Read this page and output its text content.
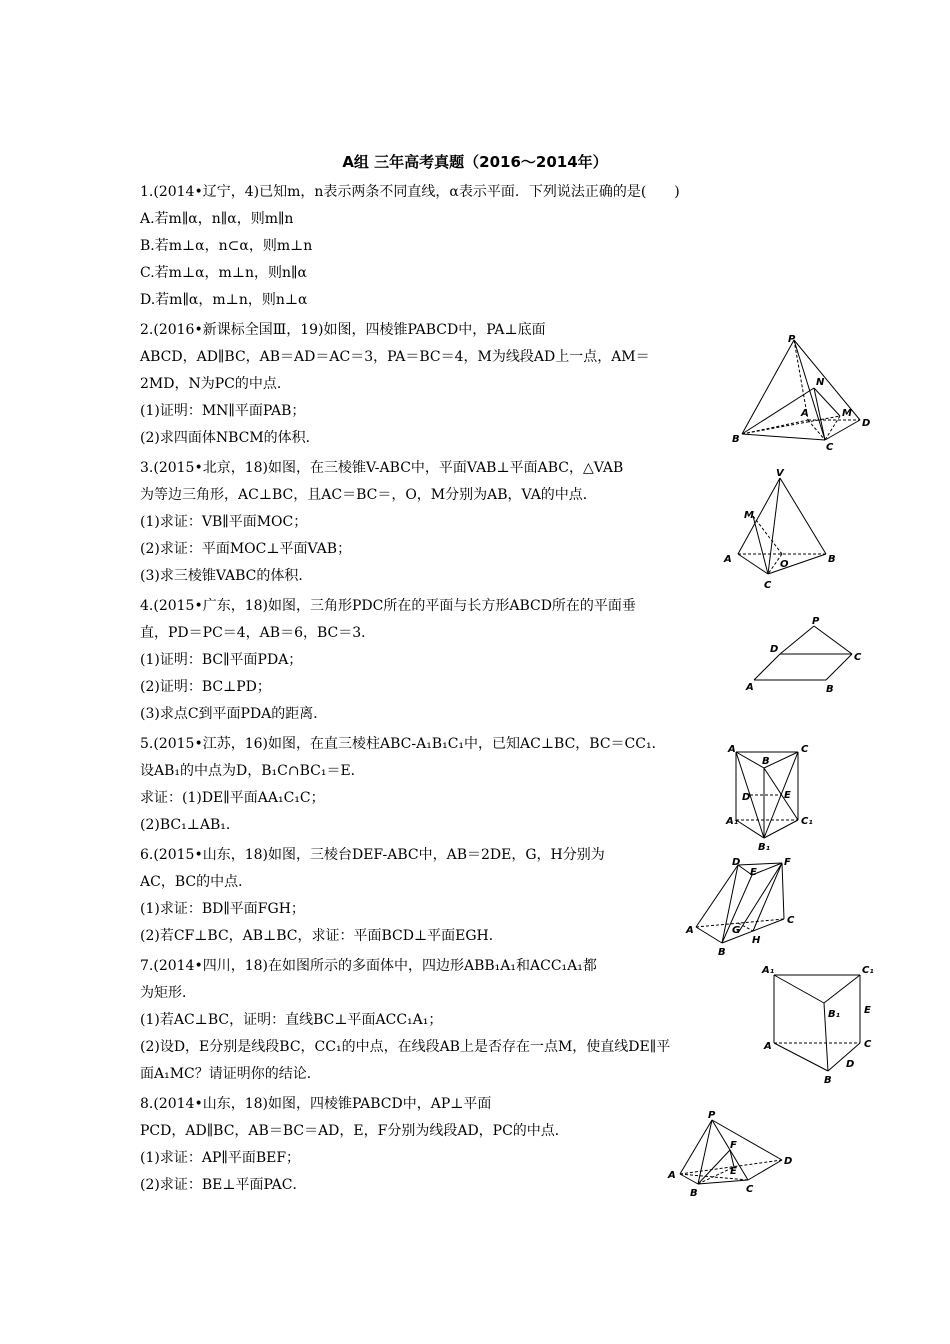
A组 三年高考真题（2016～2014年）
1.(2014•辽宁，4)已知m，n表示两条不同直线，α表示平面．下列说法正确的是(　　)
A.若m∥α，n∥α，则m∥n
B.若m⊥α，n⊂α，则m⊥n
C.若m⊥α，m⊥n，则n∥α
D.若m∥α，m⊥n，则n⊥α
2.(2016•新课标全国Ⅲ，19)如图，四棱锥PABCD中，PA⊥底面
ABCD，AD∥BC，AB＝AD＝AC＝3，PA＝BC＝4，M为线段AD上一点，AM＝
2MD，N为PC的中点．
(1)证明：MN∥平面PAB；
(2)求四面体NBCM的体积．
3.(2015•北京，18)如图，在三棱锥V-ABC中，平面VAB⊥平面ABC，△VAB
为等边三角形，AC⊥BC，且AC＝BC＝，O，M分别为AB，VA的中点．
(1)求证：VB∥平面MOC；
(2)求证：平面MOC⊥平面VAB；
(3)求三棱锥VABC的体积．
4.(2015•广东，18)如图，三角形PDC所在的平面与长方形ABCD所在的平面垂
直，PD＝PC＝4，AB＝6，BC＝3．
(1)证明：BC∥平面PDA；
(2)证明：BC⊥PD；
(3)求点C到平面PDA的距离．
5.(2015•江苏，16)如图，在直三棱柱ABC-A₁B₁C₁中，已知AC⊥BC，BC＝CC₁．
设AB₁的中点为D，B₁C∩BC₁＝E．
求证：(1)DE∥平面AA₁C₁C；
(2)BC₁⊥AB₁．
6.(2015•山东，18)如图，三棱台DEF-ABC中，AB＝2DE，G，H分别为
AC，BC的中点．
(1)求证：BD∥平面FGH；
(2)若CF⊥BC，AB⊥BC，求证：平面BCD⊥平面EGH．
7.(2014•四川，18)在如图所示的多面体中，四边形ABB₁A₁和ACC₁A₁都
为矩形．
(1)若AC⊥BC，证明：直线BC⊥平面ACC₁A₁；
(2)设D，E分别是线段BC，CC₁的中点，在线段AB上是否存在一点M，使直线DE∥平
面A₁MC？请证明你的结论．
8.(2014•山东，18)如图，四棱锥PABCD中，AP⊥平面
PCD，AD∥BC，AB＝BC＝AD，E，F分别为线段AD，PC的中点．
(1)求证：AP∥平面BEF；
(2)求证：BE⊥平面PAC．
P
N
A	M
B
C
D
V
M
A	O	B
C
P
D
C
A	B
A
B
C
D	E
A₁	C₁
B₁
D
E
F
A	G
C
H
B
A₁	C₁
B₁ E
A	C
D
B
P
F
E
A
D
B	C
